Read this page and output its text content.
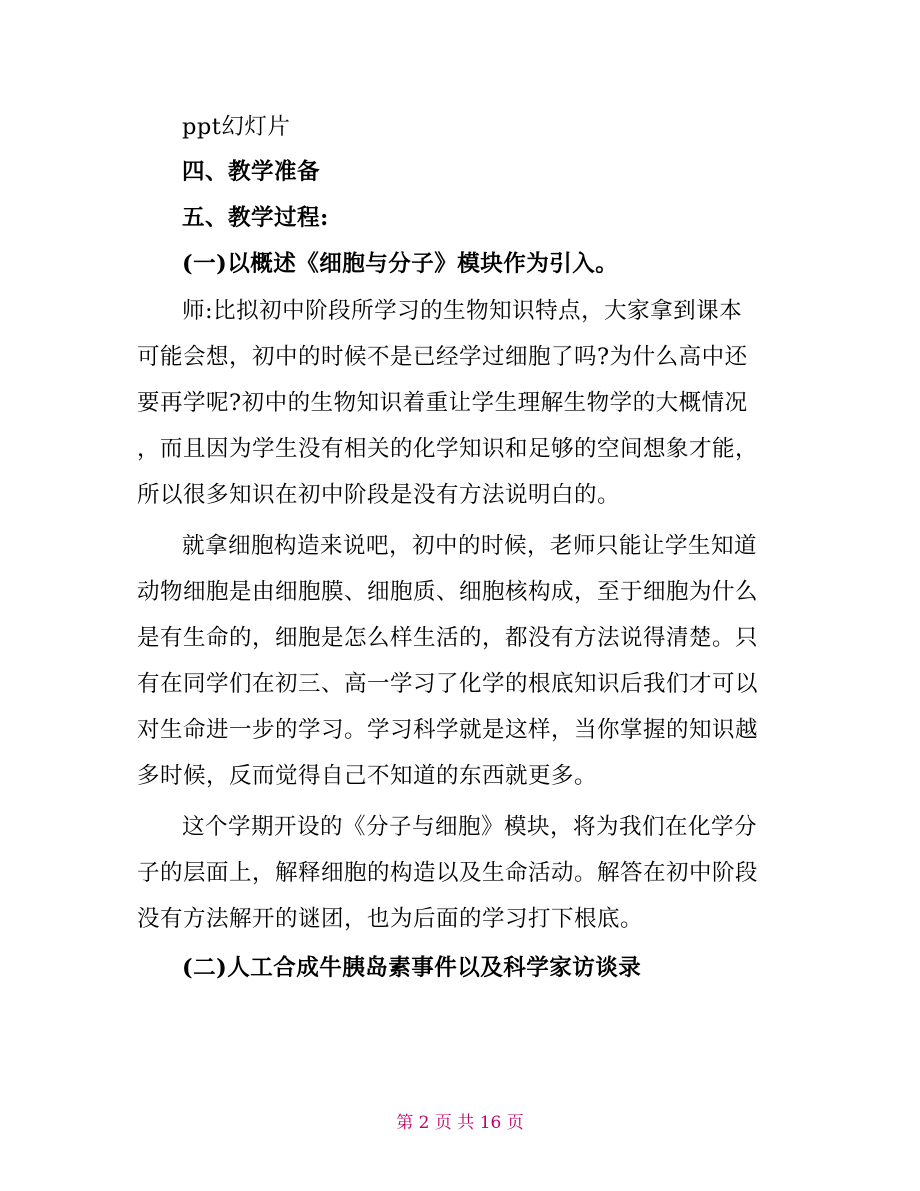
ppt幻灯片
四、教学准备
五、教学过程:
(一)以概述《细胞与分子》模块作为引入。
师:比拟初中阶段所学习的生物知识特点，大家拿到课本
可能会想，初中的时候不是已经学过细胞了吗?为什么高中还
要再学呢?初中的生物知识着重让学生理解生物学的大概情况
，而且因为学生没有相关的化学知识和足够的空间想象才能，
所以很多知识在初中阶段是没有方法说明白的。
就拿细胞构造来说吧，初中的时候，老师只能让学生知道
动物细胞是由细胞膜、细胞质、细胞核构成，至于细胞为什么
是有生命的，细胞是怎么样生活的，都没有方法说得清楚。只
有在同学们在初三、高一学习了化学的根底知识后我们才可以
对生命进一步的学习。学习科学就是这样，当你掌握的知识越
多时候，反而觉得自己不知道的东西就更多。
这个学期开设的《分子与细胞》模块，将为我们在化学分
子的层面上，解释细胞的构造以及生命活动。解答在初中阶段
没有方法解开的谜团，也为后面的学习打下根底。
(二)人工合成牛胰岛素事件以及科学家访谈录
第 2 页 共 16 页
